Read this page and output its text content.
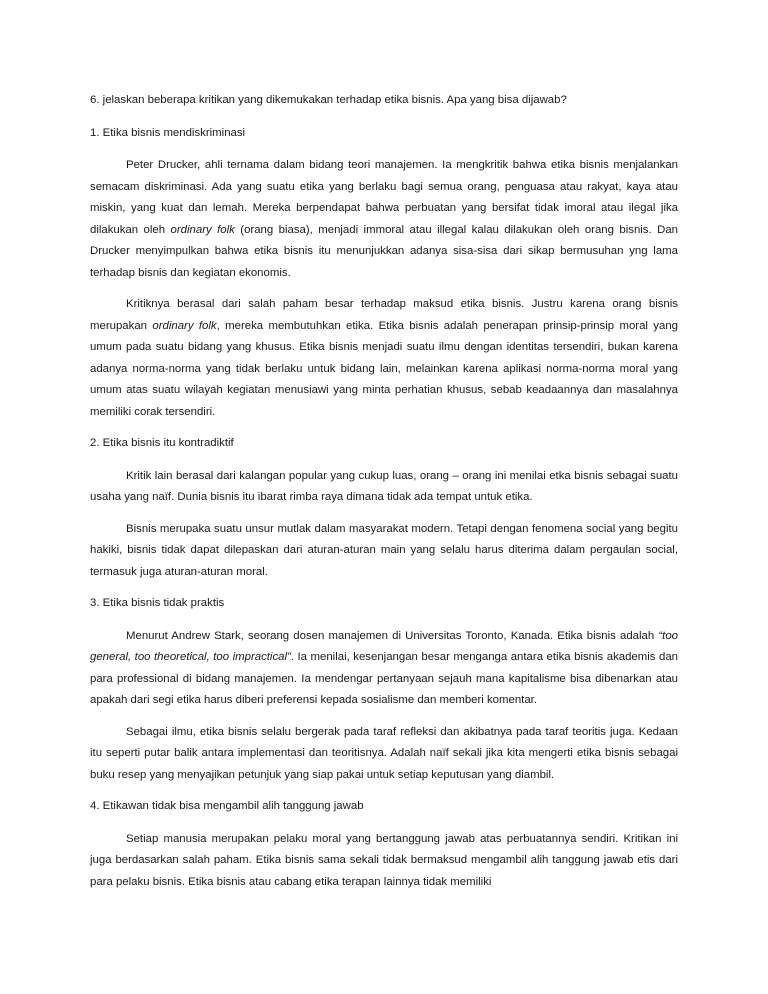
6. jelaskan beberapa kritikan yang dikemukakan terhadap etika bisnis. Apa yang bisa dijawab?

1. Etika bisnis mendiskriminasi

Peter Drucker, ahli ternama dalam bidang teori manajemen. Ia mengkritik bahwa etika bisnis menjalankan semacam diskriminasi. Ada yang suatu etika yang berlaku bagi semua orang, penguasa atau rakyat, kaya atau miskin, yang kuat dan lemah. Mereka berpendapat bahwa perbuatan yang bersifat tidak imoral atau ilegal jika dilakukan oleh ordinary folk (orang biasa), menjadi immoral atau illegal kalau dilakukan oleh orang bisnis. Dan Drucker menyimpulkan bahwa etika bisnis itu menunjukkan adanya sisa-sisa dari sikap bermusuhan yng lama terhadap bisnis dan kegiatan ekonomis.

Kritiknya berasal dari salah paham besar terhadap maksud etika bisnis. Justru karena orang bisnis merupakan ordinary folk, mereka membutuhkan etika. Etika bisnis adalah penerapan prinsip-prinsip moral yang umum pada suatu bidang yang khusus. Etika bisnis menjadi suatu ilmu dengan identitas tersendiri, bukan karena adanya norma-norma yang tidak berlaku untuk bidang lain, melainkan karena aplikasi norma-norma moral yang umum atas suatu wilayah kegiatan menusiawi yang minta perhatian khusus, sebab keadaannya dan masalahnya memiliki corak tersendiri.

2. Etika bisnis itu kontradiktif

Kritik lain berasal dari kalangan popular yang cukup luas, orang – orang ini menilai etka bisnis sebagai suatu usaha yang naïf. Dunia bisnis itu ibarat rimba raya dimana tidak ada tempat untuk etika.

Bisnis merupaka suatu unsur mutlak dalam masyarakat modern. Tetapi dengan fenomena social yang begitu hakiki, bisnis tidak dapat dilepaskan dari aturan-aturan main yang selalu harus diterima dalam pergaulan social, termasuk juga aturan-aturan moral.

3. Etika bisnis tidak praktis

Menurut Andrew Stark, seorang dosen manajemen di Universitas Toronto, Kanada. Etika bisnis adalah “too general, too theoretical, too impractical”. Ia menilai, kesenjangan besar menganga antara etika bisnis akademis dan para professional di bidang manajemen. Ia mendengar pertanyaan sejauh mana kapitalisme bisa dibenarkan atau apakah dari segi etika harus diberi preferensi kepada sosialisme dan memberi komentar.

Sebagai ilmu, etika bisnis selalu bergerak pada taraf refleksi dan akibatnya pada taraf teoritis juga. Kedaan itu seperti putar balik antara implementasi dan teoritisnya. Adalah naïf sekali jika kita mengerti etika bisnis sebagai buku resep yang menyajikan petunjuk yang siap pakai untuk setiap keputusan yang diambil.

4. Etikawan tidak bisa mengambil alih tanggung jawab

Setiap manusia merupakan pelaku moral yang bertanggung jawab atas perbuatannya sendiri. Kritikan ini juga berdasarkan salah paham. Etika bisnis sama sekali tidak bermaksud mengambil alih tanggung jawab etis dari para pelaku bisnis. Etika bisnis atau cabang etika terapan lainnya tidak memiliki
